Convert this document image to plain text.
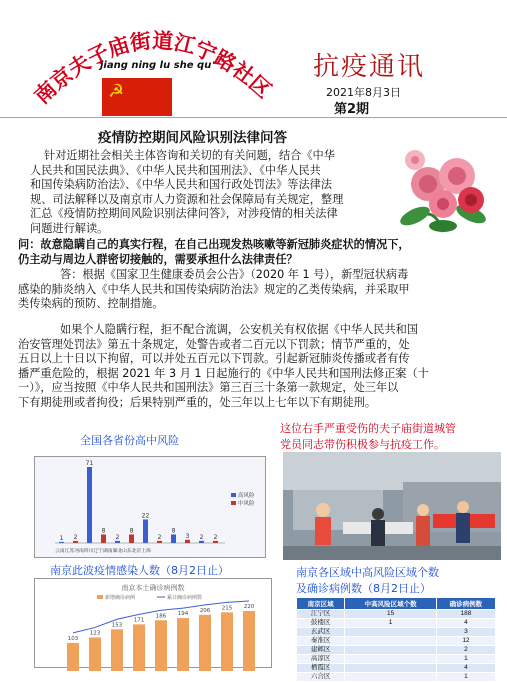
南京夫子庙街道江宁路社区
jiang ning lu she qu
☭
抗疫通讯
2021年8月3日
第2期
疫情防控期间风险识别法律问答
针对近期社会相关主体咨询和关切的有关问题，结合《中华
人民共和国民法典》、《中华人民共和国刑法》、《中华人民共
和国传染病防治法》、《中华人民共和国行政处罚法》等法律法
规、司法解释以及南京市人力资源和社会保障局有关规定，整理
汇总《疫情防控期间风险识别法律问答》，对涉疫情的相关法律
问题进行解读。
问：故意隐瞒自己的真实行程，在自己出现发热咳嗽等新冠肺炎症状的情况下，
仍主动与周边人群密切接触的，需要承担什么法律责任？
答：根据《国家卫生健康委员会公告》（2020 年 1 号），新型冠状病毒
感染的肺炎纳入《中华人民共和国传染病防治法》规定的乙类传染病，并采取甲
类传染病的预防、控制措施。
如果个人隐瞒行程，拒不配合流调，公安机关有权依据《中华人民共和国
治安管理处罚法》第五十条规定，处警告或者二百元以下罚款；情节严重的，处
五日以上十日以下拘留，可以并处五百元以下罚款。引起新冠肺炎传播或者有传
播严重危险的，根据 2021 年 3 月 1 日起施行的《中华人民共和国刑法修正案（十
一）》，应当按照《中华人民共和国刑法》第三百三十条第一款规定，处三年以
下有期徒刑或者拘役；后果特别严重的，处三年以上七年以下有期徒刑。
全国各省份高中风险
这位右手严重受伤的夫子庙街道城管
党员同志带伤积极参与抗疫工作。
1 2
71
8
2
8
22
2
8
3 2 2
高风险
中风险
云南江苏河南四川辽宁湖南湖北山东北京上海
南京此波疫情感染人数（8月2日止）	南京各区域中高风险区域个数
及确诊病例数（8月2日止）
南京本土确诊病例数
新增确诊病例	累计确诊病例数
103
123
153
171
186 194
206 215 220	南京区域	中高风险区域个数	确诊病例数
江宁区	15	188
鼓楼区	1	4
玄武区		3
秦淮区		12
建邺区		2
高淳区		1
栖霞区		4
六合区		1
